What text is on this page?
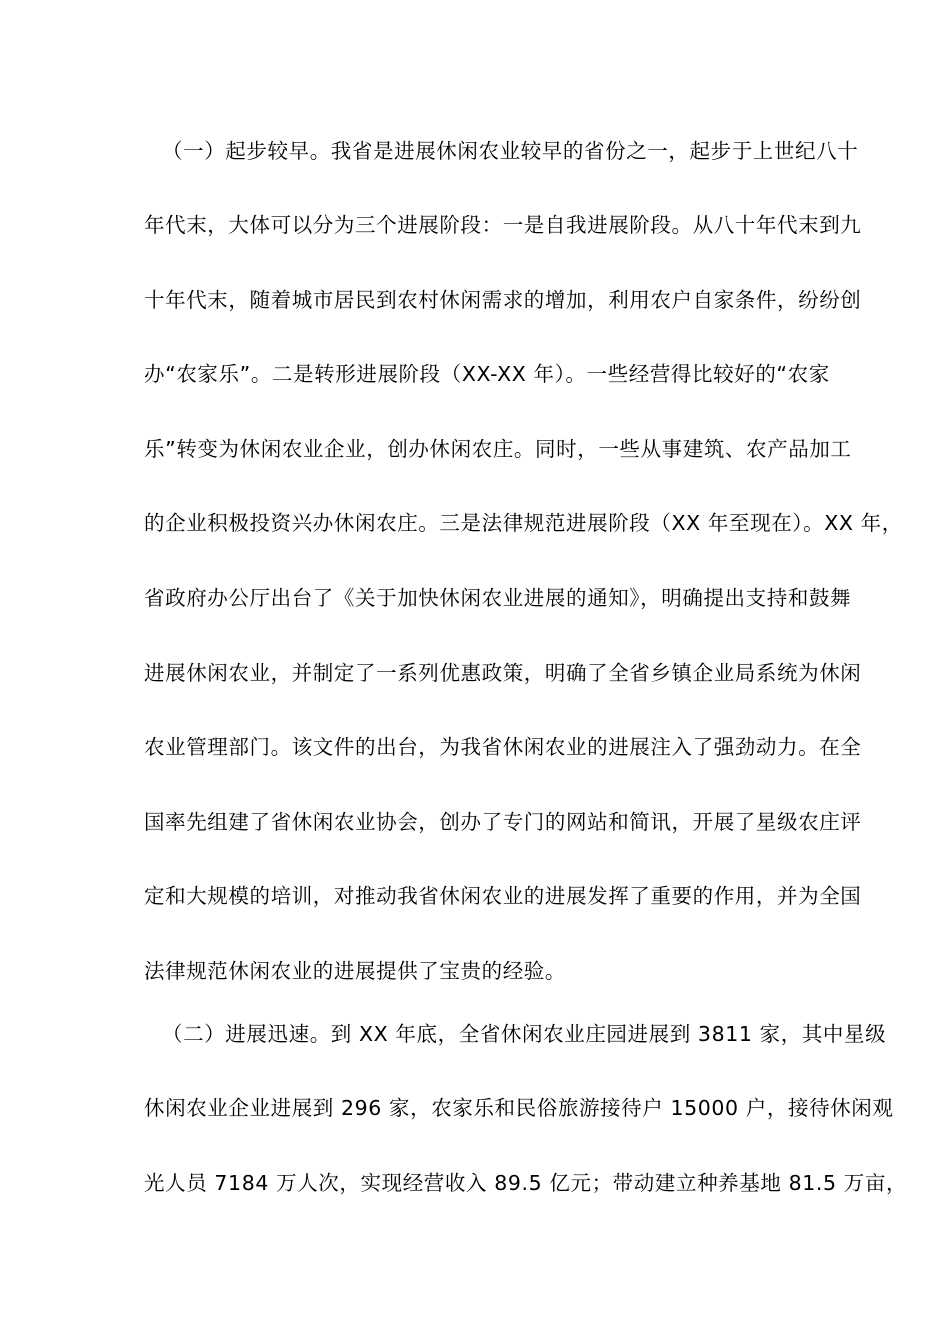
（一）起步较早。我省是进展休闲农业较早的省份之一，起步于上世纪八十
年代末，大体可以分为三个进展阶段：一是自我进展阶段。从八十年代末到九
十年代末，随着城市居民到农村休闲需求的增加，利用农户自家条件，纷纷创
办“农家乐”。二是转形进展阶段（XX-XX 年）。一些经营得比较好的“农家
乐”转变为休闲农业企业，创办休闲农庄。同时，一些从事建筑、农产品加工
的企业积极投资兴办休闲农庄。三是法律规范进展阶段（XX 年至现在）。XX 年，
省政府办公厅出台了《关于加快休闲农业进展的通知》，明确提出支持和鼓舞
进展休闲农业，并制定了一系列优惠政策，明确了全省乡镇企业局系统为休闲
农业管理部门。该文件的出台，为我省休闲农业的进展注入了强劲动力。在全
国率先组建了省休闲农业协会，创办了专门的网站和简讯，开展了星级农庄评
定和大规模的培训，对推动我省休闲农业的进展发挥了重要的作用，并为全国
法律规范休闲农业的进展提供了宝贵的经验。
（二）进展迅速。到 XX 年底，全省休闲农业庄园进展到 3811 家，其中星级
休闲农业企业进展到 296 家，农家乐和民俗旅游接待户 15000 户，接待休闲观
光人员 7184 万人次，实现经营收入 89.5 亿元；带动建立种养基地 81.5 万亩，
